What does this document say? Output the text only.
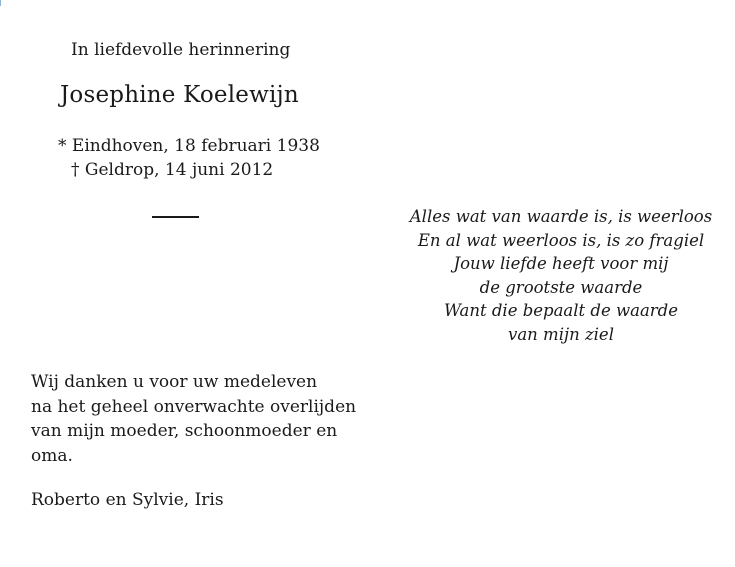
In liefdevolle herinnering
Josephine Koelewijn
* Eindhoven, 18 februari 1938
† Geldrop, 14 juni 2012
Alles wat van waarde is, is weerloos
En al wat weerloos is, is zo fragiel
Jouw liefde heeft voor mij
de grootste waarde
Want die bepaalt de waarde
van mijn ziel
Wij danken u voor uw medeleven
na het geheel onverwachte overlijden
van mijn moeder, schoonmoeder en
oma.
Roberto en Sylvie, Iris
